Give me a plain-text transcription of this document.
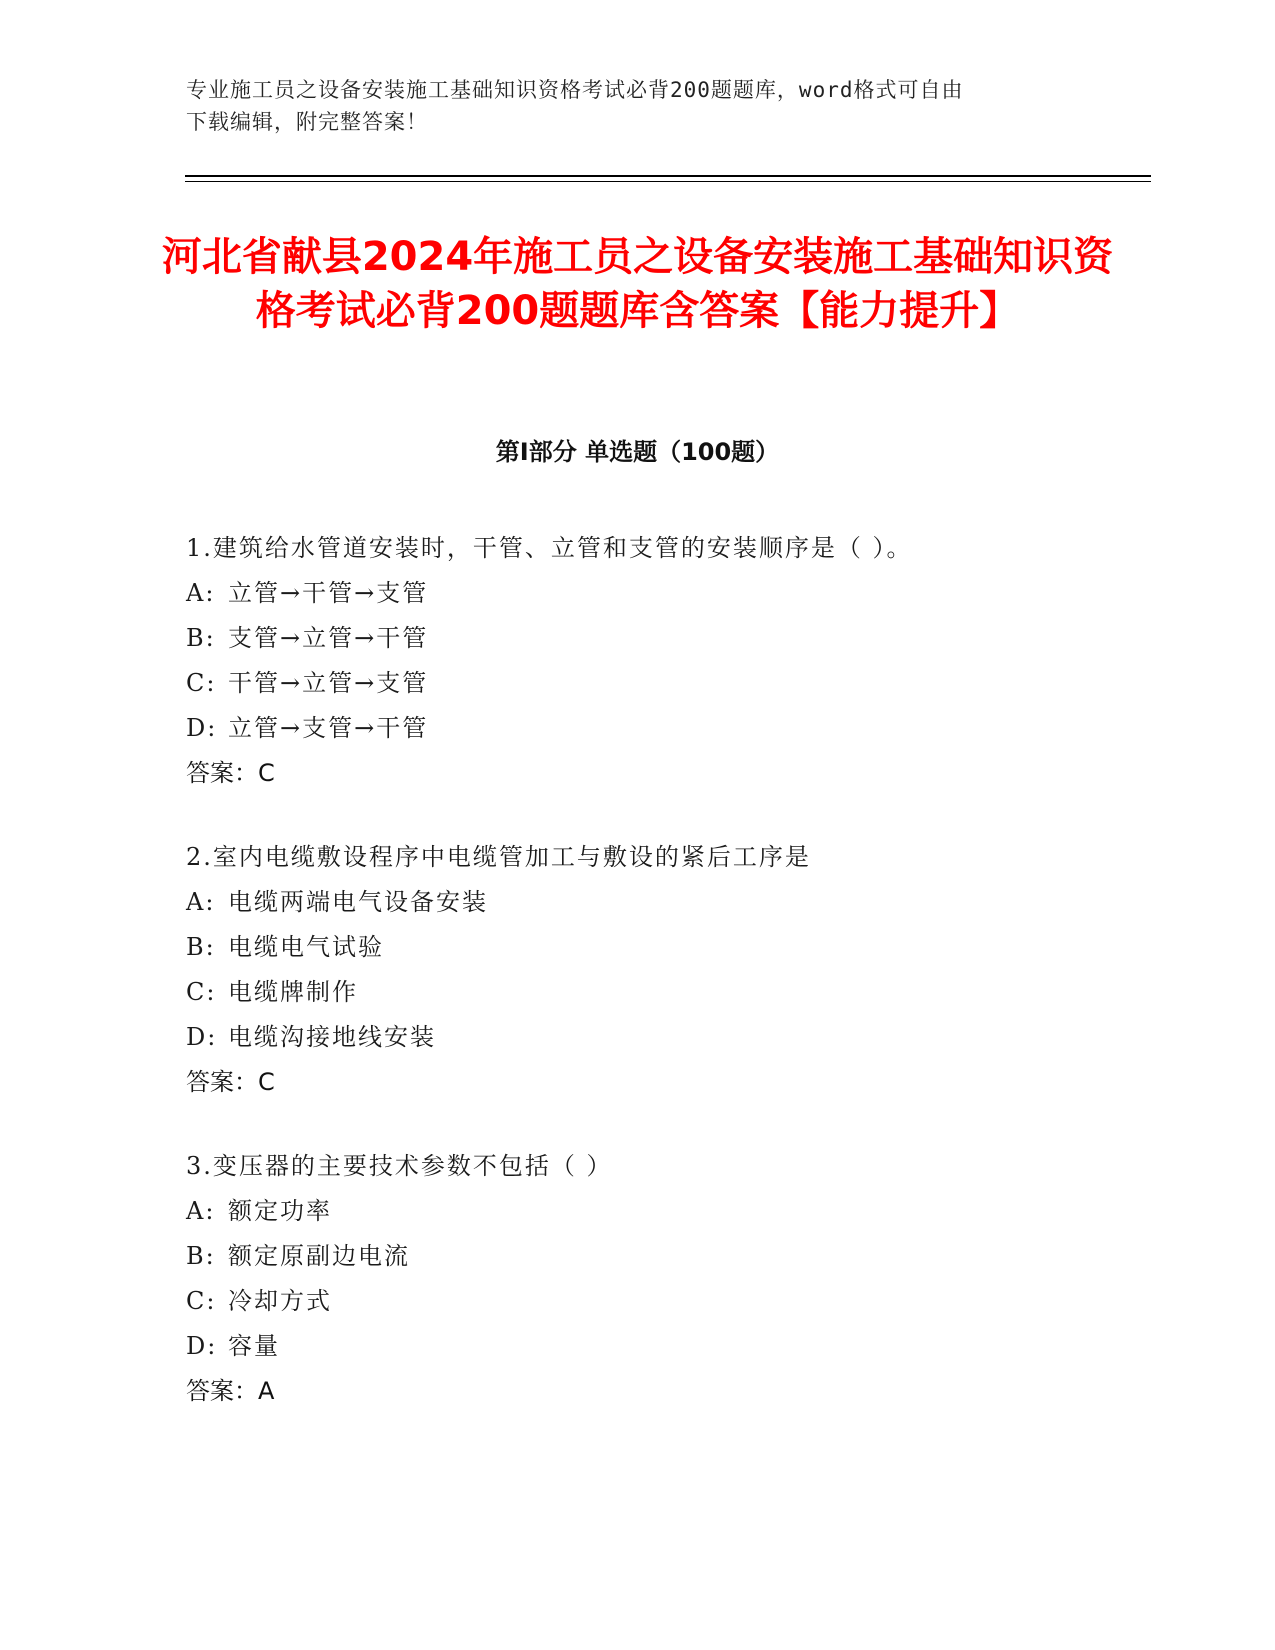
专业施工员之设备安装施工基础知识资格考试必背200题题库，word格式可自由
下载编辑，附完整答案！
河北省献县2024年施工员之设备安装施工基础知识资格考试必背200题题库含答案【能力提升】
第Ⅰ部分 单选题（100题）
1.建筑给水管道安装时，干管、立管和支管的安装顺序是（ ）。
A: 立管→干管→支管
B: 支管→立管→干管
C: 干管→立管→支管
D: 立管→支管→干管
答案：C
2.室内电缆敷设程序中电缆管加工与敷设的紧后工序是
A: 电缆两端电气设备安装
B: 电缆电气试验
C: 电缆牌制作
D: 电缆沟接地线安装
答案：C
3.变压器的主要技术参数不包括（ ）
A: 额定功率
B: 额定原副边电流
C: 冷却方式
D: 容量
答案：A
